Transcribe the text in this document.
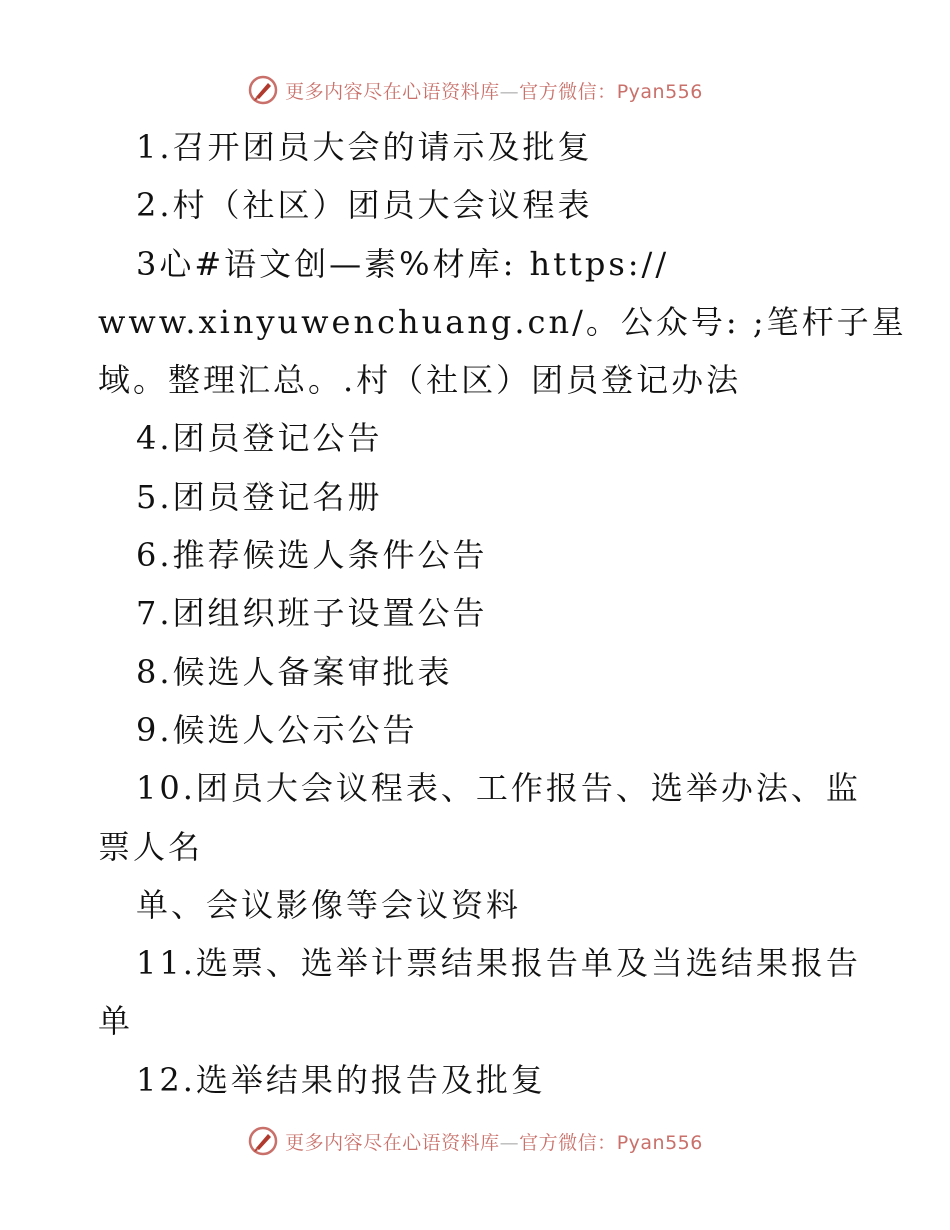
更多内容尽在心语资料库—官方微信：Pyan556
1.召开团员大会的请示及批复
2.村（社区）团员大会议程表
3心#语文创—素%材库: https://
www.xinyuwenchuang.cn/。公众号: ;笔杆子星
域。整理汇总。.村（社区）团员登记办法
4.团员登记公告
5.团员登记名册
6.推荐候选人条件公告
7.团组织班子设置公告
8.候选人备案审批表
9.候选人公示公告
10.团员大会议程表、工作报告、选举办法、监
票人名
单、会议影像等会议资料
11.选票、选举计票结果报告单及当选结果报告
单
12.选举结果的报告及批复
更多内容尽在心语资料库—官方微信：Pyan556
